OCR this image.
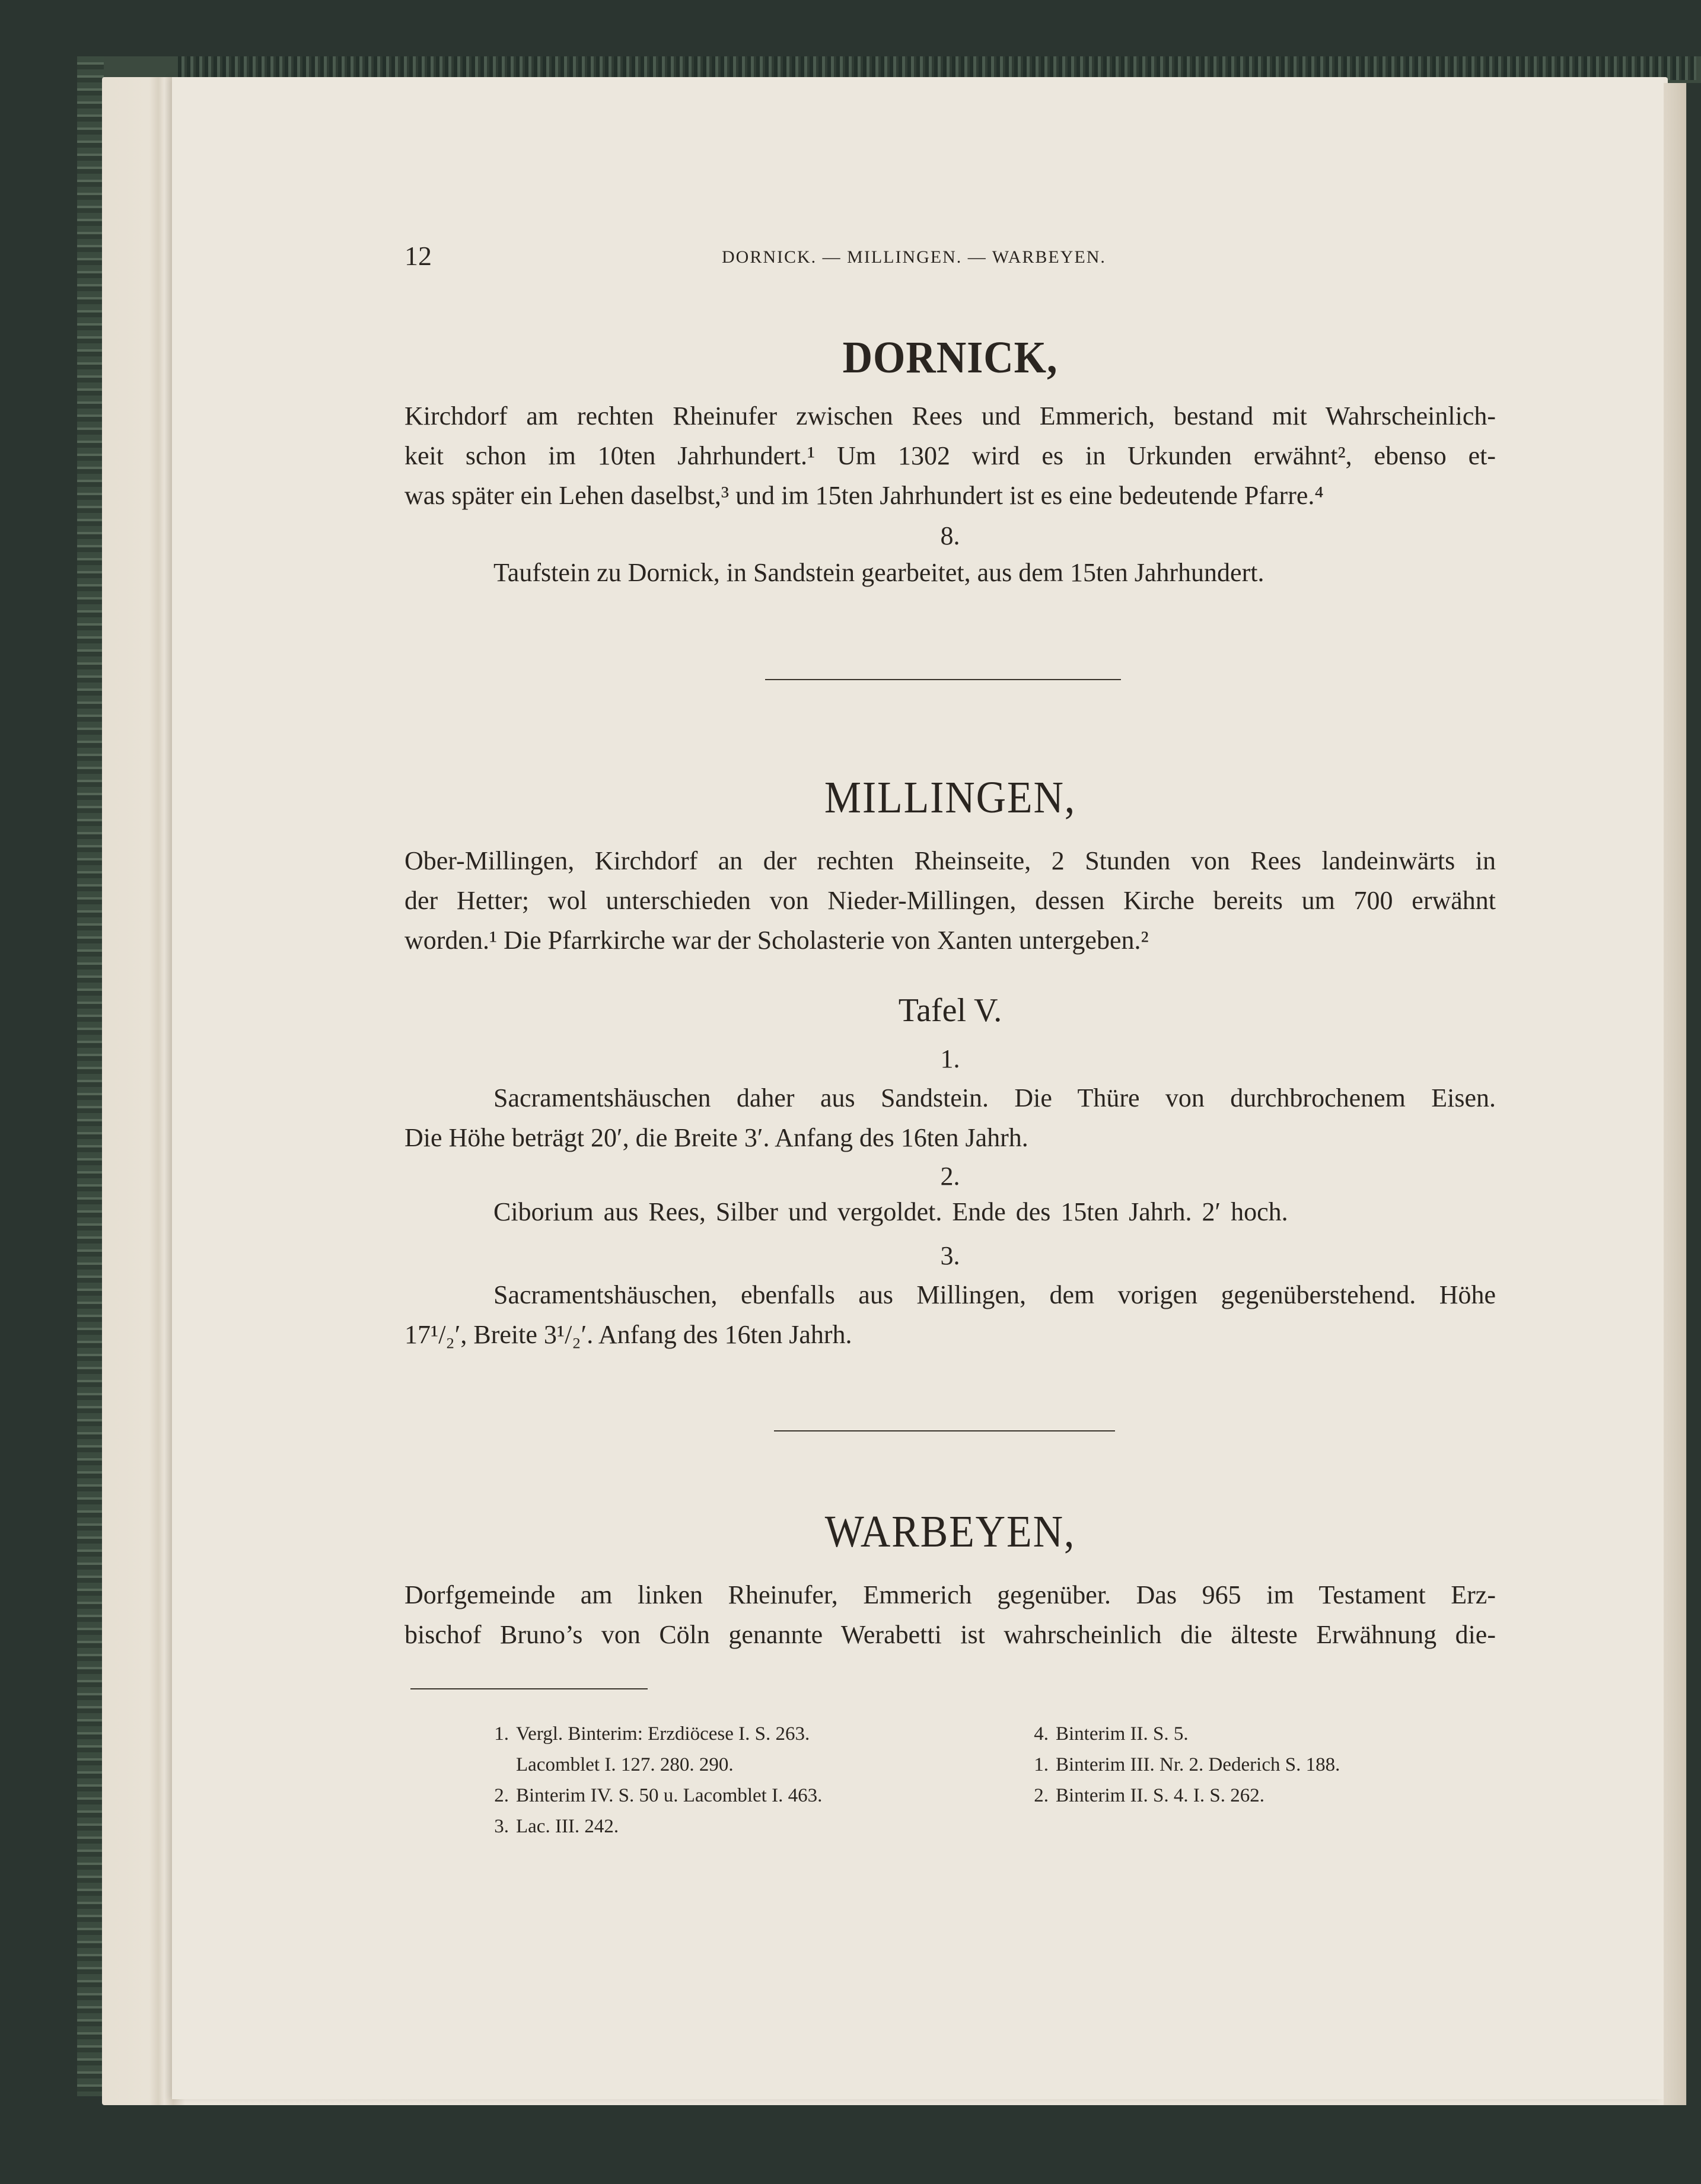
12	DORNICK. — MILLINGEN. — WARBEYEN.
DORNICK,
Kirchdorf am rechten Rheinufer zwischen Rees und Emmerich, bestand mit Wahrscheinlich-
keit schon im 10ten Jahrhundert.¹ Um 1302 wird es in Urkunden erwähnt², ebenso et-
was später ein Lehen daselbst,³ und im 15ten Jahrhundert ist es eine bedeutende Pfarre.⁴
8.
Taufstein zu Dornick, in Sandstein gearbeitet, aus dem 15ten Jahrhundert.
MILLINGEN,
Ober-Millingen, Kirchdorf an der rechten Rheinseite, 2 Stunden von Rees landeinwärts in
der Hetter; wol unterschieden von Nieder-Millingen, dessen Kirche bereits um 700 erwähnt
worden.¹ Die Pfarrkirche war der Scholasterie von Xanten untergeben.²
Tafel V.
1.
Sacramentshäuschen daher aus Sandstein. Die Thüre von durchbrochenem Eisen.
Die Höhe beträgt 20′, die Breite 3′. Anfang des 16ten Jahrh.
2.
Ciborium aus Rees, Silber und vergoldet. Ende des 15ten Jahrh. 2′ hoch.
3.
Sacramentshäuschen, ebenfalls aus Millingen, dem vorigen gegenüberstehend. Höhe
17¹/₂′, Breite 3¹/₂′. Anfang des 16ten Jahrh.
WARBEYEN,
Dorfgemeinde am linken Rheinufer, Emmerich gegenüber. Das 965 im Testament Erz-
bischof Bruno’s von Cöln genannte Werabetti ist wahrscheinlich die älteste Erwähnung die-
1. Vergl. Binterim: Erzdiöcese I. S. 263.
Lacomblet I. 127. 280. 290.
2. Binterim IV. S. 50 u. Lacomblet I. 463.
3. Lac. III. 242.
4. Binterim II. S. 5.
1. Binterim III. Nr. 2. Dederich S. 188.
2. Binterim II. S. 4. I. S. 262.
